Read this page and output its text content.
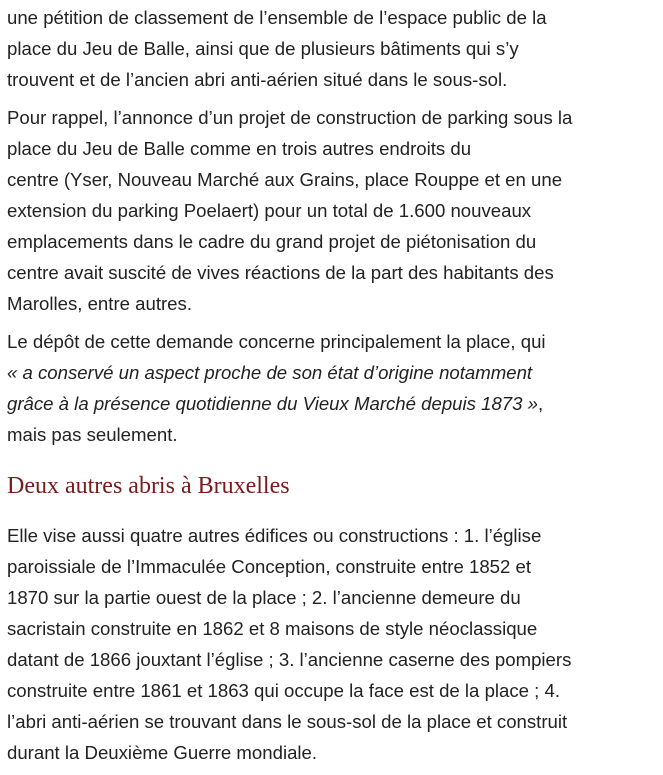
une pétition de classement de l’ensemble de l’espace public de la
place du Jeu de Balle, ainsi que de plusieurs bâtiments qui s’y
trouvent et de l’ancien abri anti-aérien situé dans le sous-sol.

Pour rappel, l’annonce d’un projet de construction de parking sous la
place du Jeu de Balle comme en trois autres endroits du
centre (Yser, Nouveau Marché aux Grains, place Rouppe et en une
extension du parking Poelaert) pour un total de 1.600 nouveaux
emplacements dans le cadre du grand projet de piétonisation du
centre avait suscité de vives réactions de la part des habitants des
Marolles, entre autres.

Le dépôt de cette demande concerne principalement la place, qui
« a conservé un aspect proche de son état d’origine notamment
grâce à la présence quotidienne du Vieux Marché depuis 1873 »,
mais pas seulement.

Deux autres abris à Bruxelles

Elle vise aussi quatre autres édifices ou constructions : 1. l’église
paroissiale de l’Immaculée Conception, construite entre 1852 et
1870 sur la partie ouest de la place ; 2. l’ancienne demeure du
sacristain construite en 1862 et 8 maisons de style néoclassique
datant de 1866 jouxtant l’église ; 3. l’ancienne caserne des pompiers
construite entre 1861 et 1863 qui occupe la face est de la place ; 4.
l’abri anti-aérien se trouvant dans le sous-sol de la place et construit
durant la Deuxième Guerre mondiale.
